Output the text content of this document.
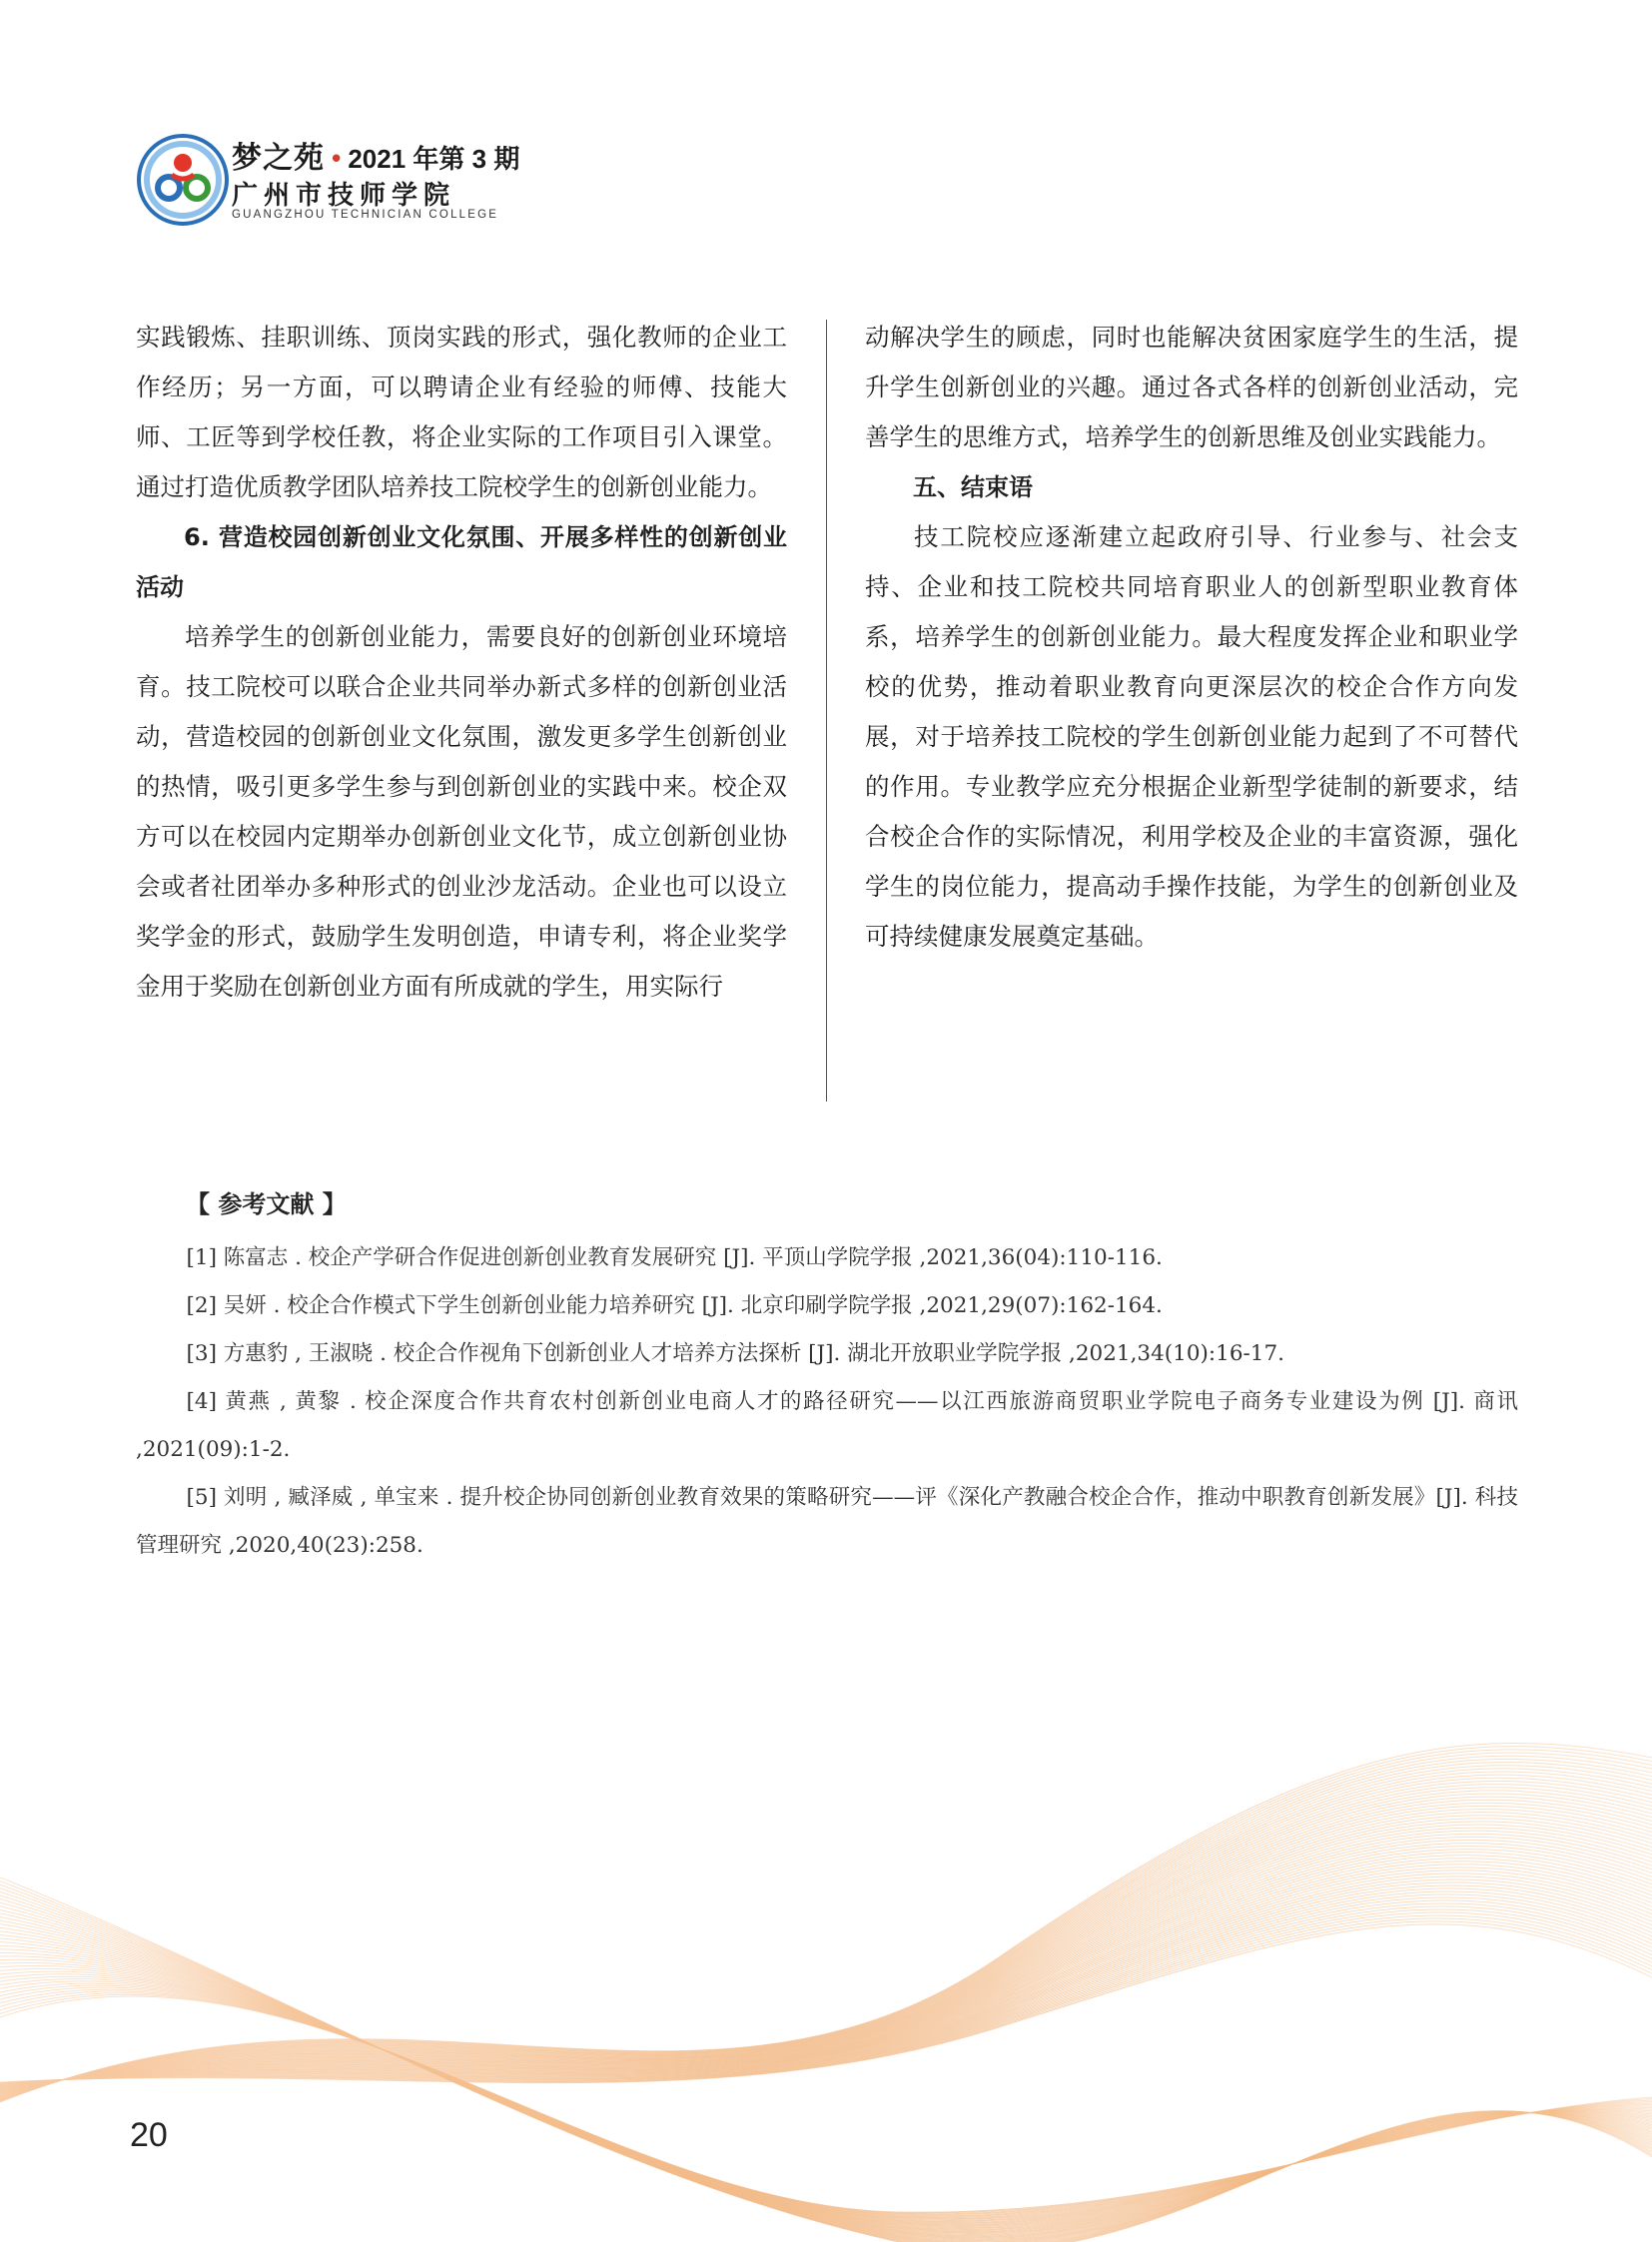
梦之苑 • 2021 年第 3 期
广州市技师学院
GUANGZHOU TECHNICIAN COLLEGE

实践锻炼、挂职训练、顶岗实践的形式，强化教师的企业工作经历；另一方面，可以聘请企业有经验的师傅、技能大师、工匠等到学校任教，将企业实际的工作项目引入课堂。通过打造优质教学团队培养技工院校学生的创新创业能力。

6. 营造校园创新创业文化氛围、开展多样性的创新创业活动

培养学生的创新创业能力，需要良好的创新创业环境培育。技工院校可以联合企业共同举办新式多样的创新创业活动，营造校园的创新创业文化氛围，激发更多学生创新创业的热情，吸引更多学生参与到创新创业的实践中来。校企双方可以在校园内定期举办创新创业文化节，成立创新创业协会或者社团举办多种形式的创业沙龙活动。企业也可以设立奖学金的形式，鼓励学生发明创造，申请专利，将企业奖学金用于奖励在创新创业方面有所成就的学生，用实际行

动解决学生的顾虑，同时也能解决贫困家庭学生的生活，提升学生创新创业的兴趣。通过各式各样的创新创业活动，完善学生的思维方式，培养学生的创新思维及创业实践能力。

五、结束语

技工院校应逐渐建立起政府引导、行业参与、社会支持、企业和技工院校共同培育职业人的创新型职业教育体系，培养学生的创新创业能力。最大程度发挥企业和职业学校的优势，推动着职业教育向更深层次的校企合作方向发展，对于培养技工院校的学生创新创业能力起到了不可替代的作用。专业教学应充分根据企业新型学徒制的新要求，结合校企合作的实际情况，利用学校及企业的丰富资源，强化学生的岗位能力，提高动手操作技能，为学生的创新创业及可持续健康发展奠定基础。

【 参考文献 】
[1] 陈富志 . 校企产学研合作促进创新创业教育发展研究 [J]. 平顶山学院学报 ,2021,36(04):110-116.
[2] 吴妍 . 校企合作模式下学生创新创业能力培养研究 [J]. 北京印刷学院学报 ,2021,29(07):162-164.
[3] 方惠豹 , 王淑晓 . 校企合作视角下创新创业人才培养方法探析 [J]. 湖北开放职业学院学报 ,2021,34(10):16-17.
[4] 黄燕 , 黄黎 . 校企深度合作共育农村创新创业电商人才的路径研究——以江西旅游商贸职业学院电子商务专业建设为例 [J]. 商讯 ,2021(09):1-2.
[5] 刘明 , 臧泽威 , 单宝来 . 提升校企协同创新创业教育效果的策略研究——评《深化产教融合校企合作，推动中职教育创新发展》[J]. 科技管理研究 ,2020,40(23):258.
20
